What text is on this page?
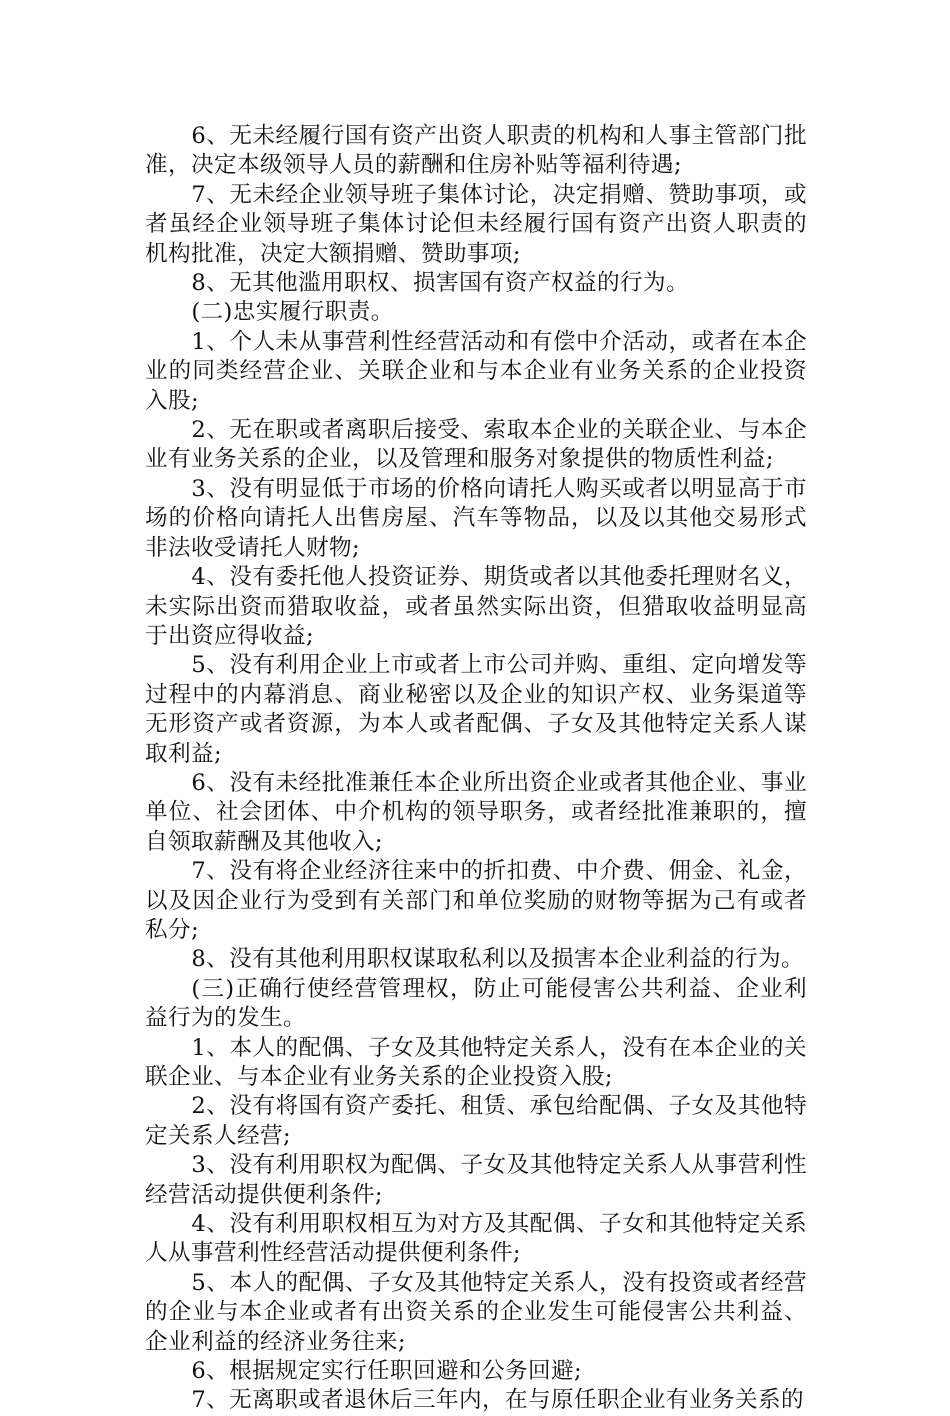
6、无未经履行国有资产出资人职责的机构和人事主管部门批准，决定本级领导人员的薪酬和住房补贴等福利待遇;

7、无未经企业领导班子集体讨论，决定捐赠、赞助事项，或者虽经企业领导班子集体讨论但未经履行国有资产出资人职责的机构批准，决定大额捐赠、赞助事项;

8、无其他滥用职权、损害国有资产权益的行为。

(二)忠实履行职责。

1、个人未从事营利性经营活动和有偿中介活动，或者在本企业的同类经营企业、关联企业和与本企业有业务关系的企业投资入股;

2、无在职或者离职后接受、索取本企业的关联企业、与本企业有业务关系的企业，以及管理和服务对象提供的物质性利益;

3、没有明显低于市场的价格向请托人购买或者以明显高于市场的价格向请托人出售房屋、汽车等物品，以及以其他交易形式非法收受请托人财物;

4、没有委托他人投资证券、期货或者以其他委托理财名义，未实际出资而猎取收益，或者虽然实际出资，但猎取收益明显高于出资应得收益;

5、没有利用企业上市或者上市公司并购、重组、定向增发等过程中的内幕消息、商业秘密以及企业的知识产权、业务渠道等无形资产或者资源，为本人或者配偶、子女及其他特定关系人谋取利益;

6、没有未经批准兼任本企业所出资企业或者其他企业、事业单位、社会团体、中介机构的领导职务，或者经批准兼职的，擅自领取薪酬及其他收入;

7、没有将企业经济往来中的折扣费、中介费、佣金、礼金，以及因企业行为受到有关部门和单位奖励的财物等据为己有或者私分;

8、没有其他利用职权谋取私利以及损害本企业利益的行为。

(三)正确行使经营管理权，防止可能侵害公共利益、企业利益行为的发生。

1、本人的配偶、子女及其他特定关系人，没有在本企业的关联企业、与本企业有业务关系的企业投资入股;

2、没有将国有资产委托、租赁、承包给配偶、子女及其他特定关系人经营;

3、没有利用职权为配偶、子女及其他特定关系人从事营利性经营活动提供便利条件;

4、没有利用职权相互为对方及其配偶、子女和其他特定关系人从事营利性经营活动提供便利条件;

5、本人的配偶、子女及其他特定关系人，没有投资或者经营的企业与本企业或者有出资关系的企业发生可能侵害公共利益、企业利益的经济业务往来;

6、根据规定实行任职回避和公务回避;

7、无离职或者退休后三年内，在与原任职企业有业务关系的
